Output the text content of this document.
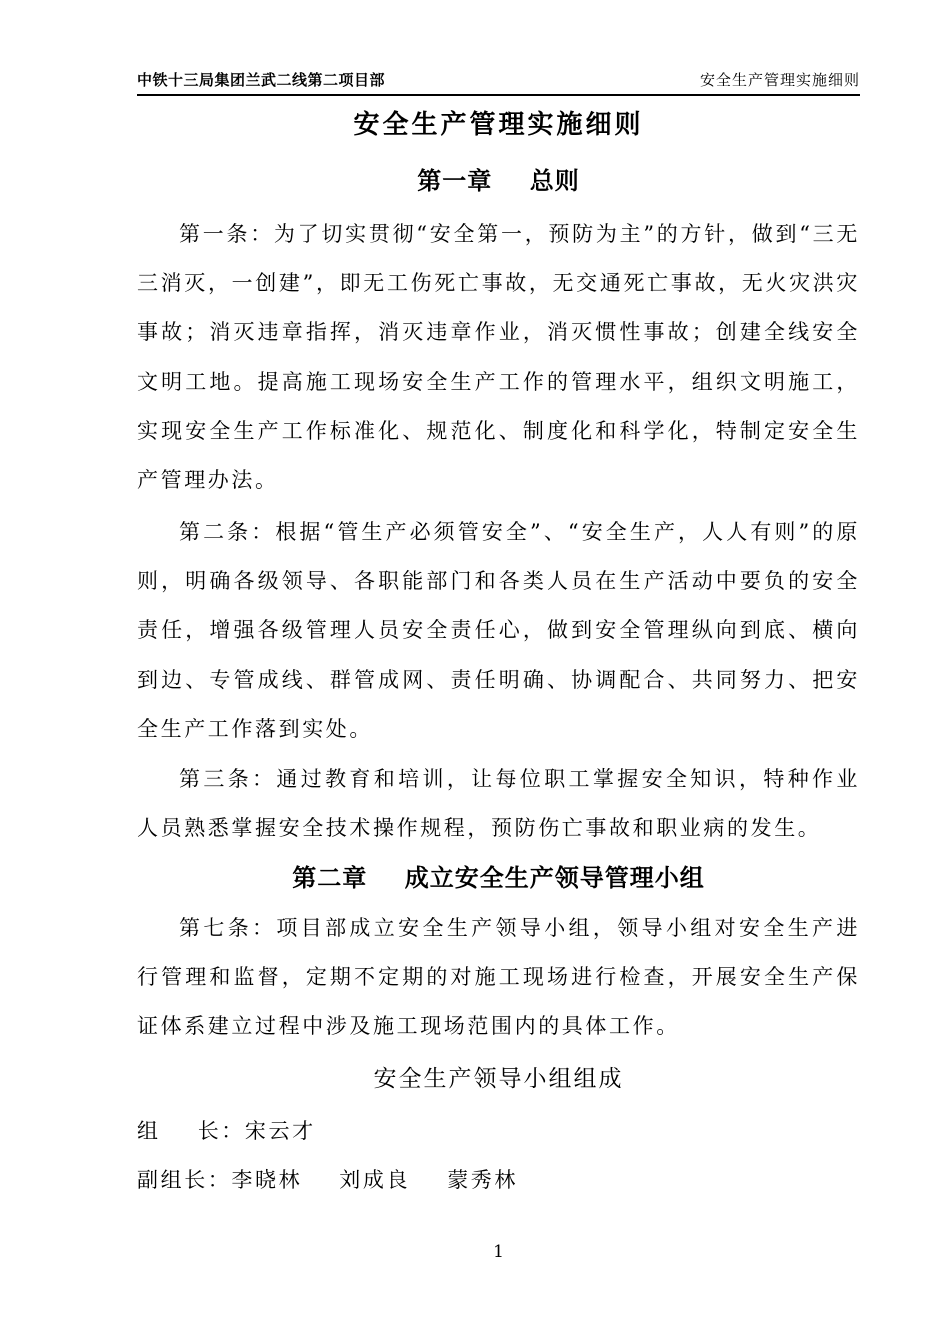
中铁十三局集团兰武二线第二项目部	安全生产管理实施细则
安全生产管理实施细则
第一章    总则
第一条：为了切实贯彻“安全第一，预防为主”的方针，做到“三无三消灭，一创建”，即无工伤死亡事故，无交通死亡事故，无火灾洪灾事故；消灭违章指挥，消灭违章作业，消灭惯性事故；创建全线安全文明工地。提高施工现场安全生产工作的管理水平，组织文明施工，实现安全生产工作标准化、规范化、制度化和科学化，特制定安全生产管理办法。
第二条：根据“管生产必须管安全”、“安全生产，人人有则”的原则，明确各级领导、各职能部门和各类人员在生产活动中要负的安全责任，增强各级管理人员安全责任心，做到安全管理纵向到底、横向到边、专管成线、群管成网、责任明确、协调配合、共同努力、把安全生产工作落到实处。
第三条：通过教育和培训，让每位职工掌握安全知识，特种作业人员熟悉掌握安全技术操作规程，预防伤亡事故和职业病的发生。
第二章    成立安全生产领导管理小组
第七条：项目部成立安全生产领导小组，领导小组对安全生产进行管理和监督，定期不定期的对施工现场进行检查，开展安全生产保证体系建立过程中涉及施工现场范围内的具体工作。
安全生产领导小组组成
组    长：宋云才
副组长：李晓林    刘成良    蒙秀林
1
